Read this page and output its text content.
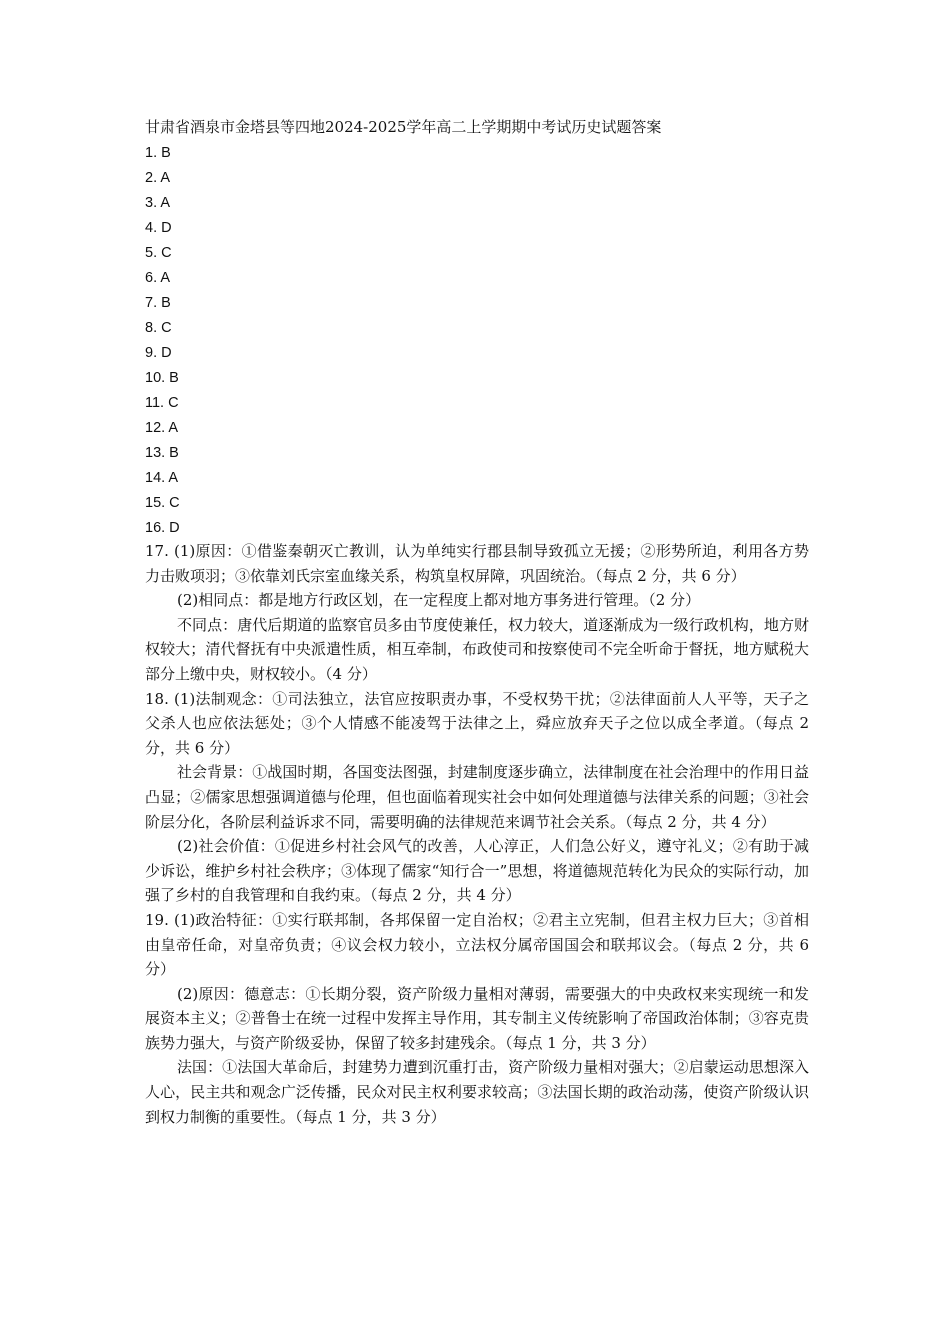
甘肃省酒泉市金塔县等四地2024-2025学年高二上学期期中考试历史试题答案
1. B
2. A
3. A
4. D
5. C
6. A
7. B
8. C
9. D
10. B
11. C
12. A
13. B
14. A
15. C
16. D

17. (1)原因：①借鉴秦朝灭亡教训，认为单纯实行郡县制导致孤立无援；②形势所迫，利用各方势力击败项羽；③依靠刘氏宗室血缘关系，构筑皇权屏障，巩固统治。（每点 2 分，共 6 分）

(2)相同点：都是地方行政区划，在一定程度上都对地方事务进行管理。（2 分）

不同点：唐代后期道的监察官员多由节度使兼任，权力较大，道逐渐成为一级行政机构，地方财权较大；清代督抚有中央派遣性质，相互牵制，布政使司和按察使司不完全听命于督抚，地方赋税大部分上缴中央，财权较小。（4 分）

18. (1)法制观念：①司法独立，法官应按职责办事，不受权势干扰；②法律面前人人平等，天子之父杀人也应依法惩处；③个人情感不能凌驾于法律之上，舜应放弃天子之位以成全孝道。（每点 2 分，共 6 分）

社会背景：①战国时期，各国变法图强，封建制度逐步确立，法律制度在社会治理中的作用日益凸显；②儒家思想强调道德与伦理，但也面临着现实社会中如何处理道德与法律关系的问题；③社会阶层分化，各阶层利益诉求不同，需要明确的法律规范来调节社会关系。（每点 2 分，共 4 分）

(2)社会价值：①促进乡村社会风气的改善，人心淳正，人们急公好义，遵守礼义；②有助于减少诉讼，维护乡村社会秩序；③体现了儒家“知行合一”思想，将道德规范转化为民众的实际行动，加强了乡村的自我管理和自我约束。（每点 2 分，共 4 分）

19. (1)政治特征：①实行联邦制，各邦保留一定自治权；②君主立宪制，但君主权力巨大；③首相由皇帝任命，对皇帝负责；④议会权力较小，立法权分属帝国国会和联邦议会。（每点 2 分，共 6 分）

(2)原因：德意志：①长期分裂，资产阶级力量相对薄弱，需要强大的中央政权来实现统一和发展资本主义；②普鲁士在统一过程中发挥主导作用，其专制主义传统影响了帝国政治体制；③容克贵族势力强大，与资产阶级妥协，保留了较多封建残余。（每点 1 分，共 3 分）

法国：①法国大革命后，封建势力遭到沉重打击，资产阶级力量相对强大；②启蒙运动思想深入人心，民主共和观念广泛传播，民众对民主权利要求较高；③法国长期的政治动荡，使资产阶级认识到权力制衡的重要性。（每点 1 分，共 3 分）
